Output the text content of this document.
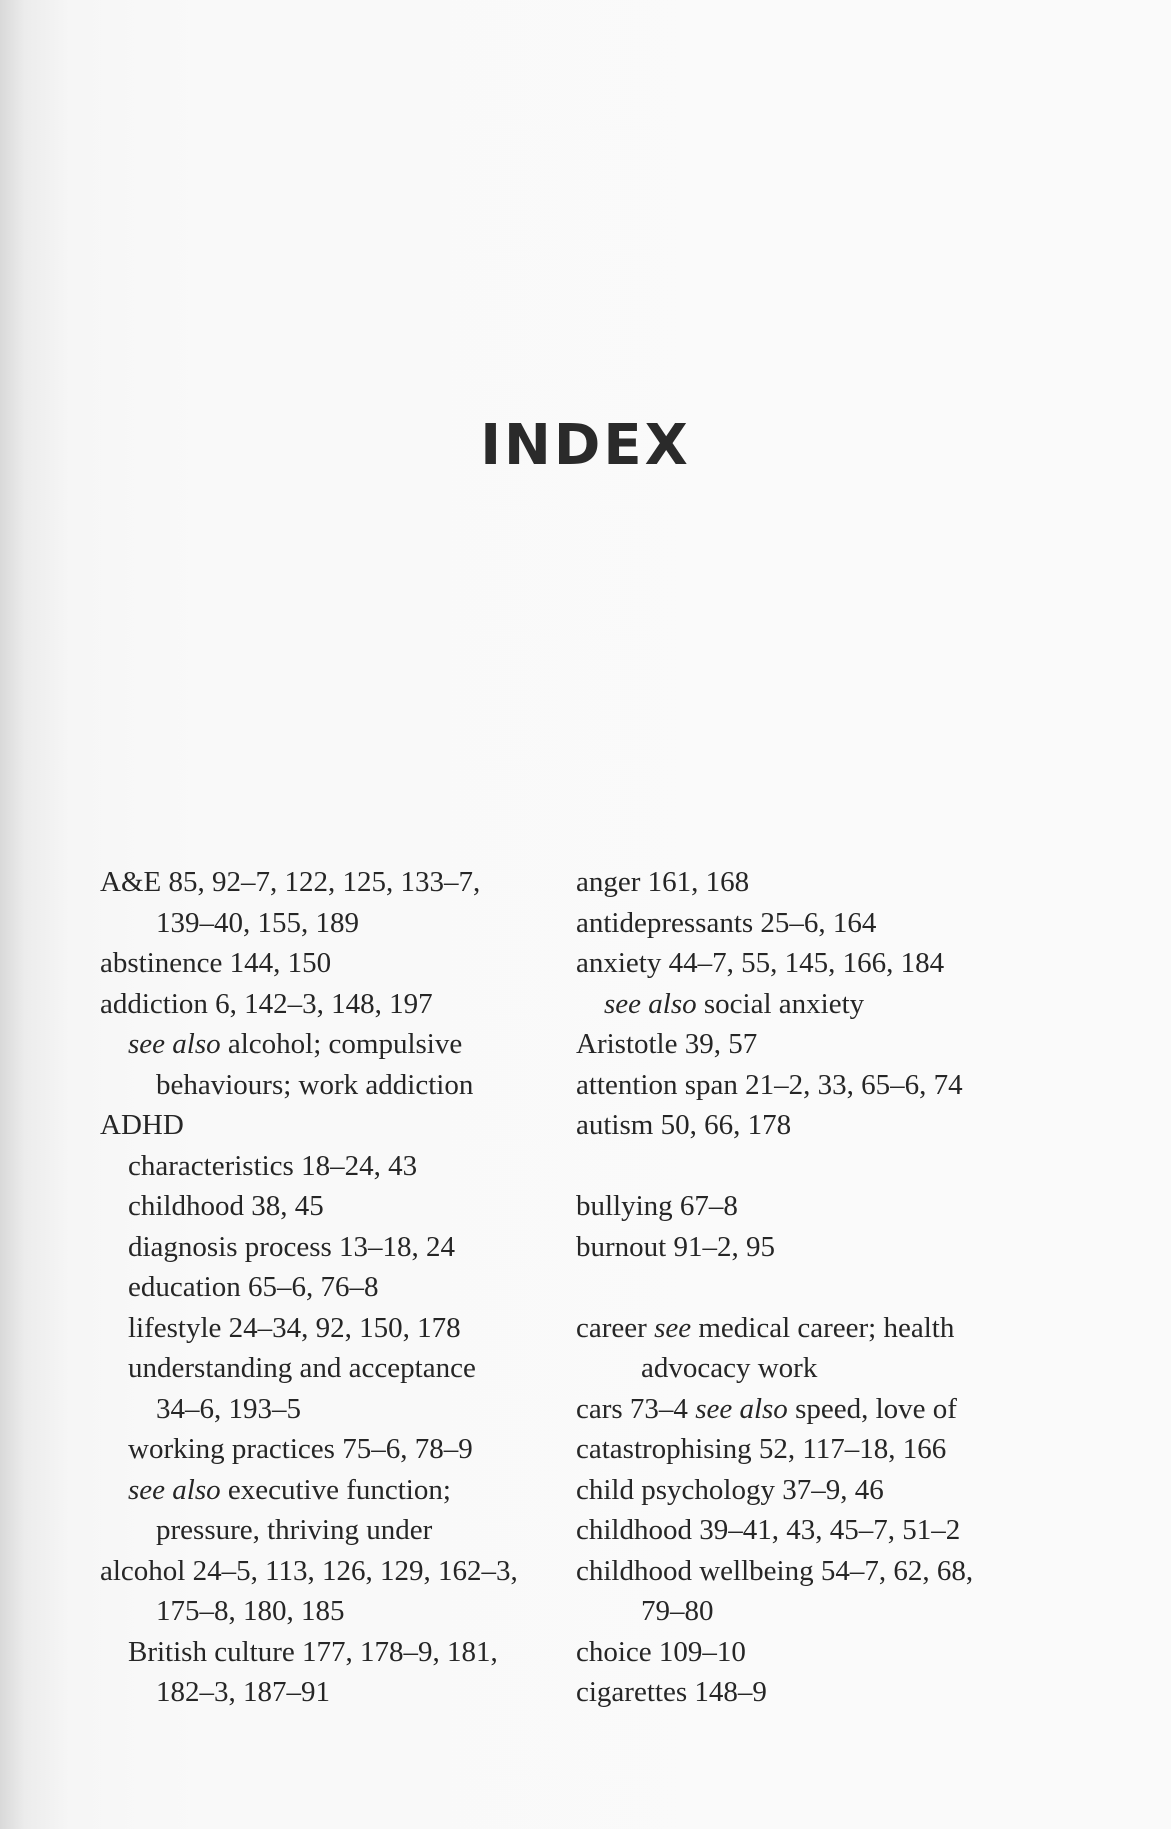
INDEX
A&E 85, 92–7, 122, 125, 133–7,
139–40, 155, 189
abstinence 144, 150
addiction 6, 142–3, 148, 197
see also alcohol; compulsive
behaviours; work addiction
ADHD
characteristics 18–24, 43
childhood 38, 45
diagnosis process 13–18, 24
education 65–6, 76–8
lifestyle 24–34, 92, 150, 178
understanding and acceptance
34–6, 193–5
working practices 75–6, 78–9
see also executive function;
pressure, thriving under
alcohol 24–5, 113, 126, 129, 162–3,
175–8, 180, 185
British culture 177, 178–9, 181,
182–3, 187–91
anger 161, 168
antidepressants 25–6, 164
anxiety 44–7, 55, 145, 166, 184
see also social anxiety
Aristotle 39, 57
attention span 21–2, 33, 65–6, 74
autism 50, 66, 178
bullying 67–8
burnout 91–2, 95
career see medical career; health
advocacy work
cars 73–4 see also speed, love of
catastrophising 52, 117–18, 166
child psychology 37–9, 46
childhood 39–41, 43, 45–7, 51–2
childhood wellbeing 54–7, 62, 68,
79–80
choice 109–10
cigarettes 148–9
